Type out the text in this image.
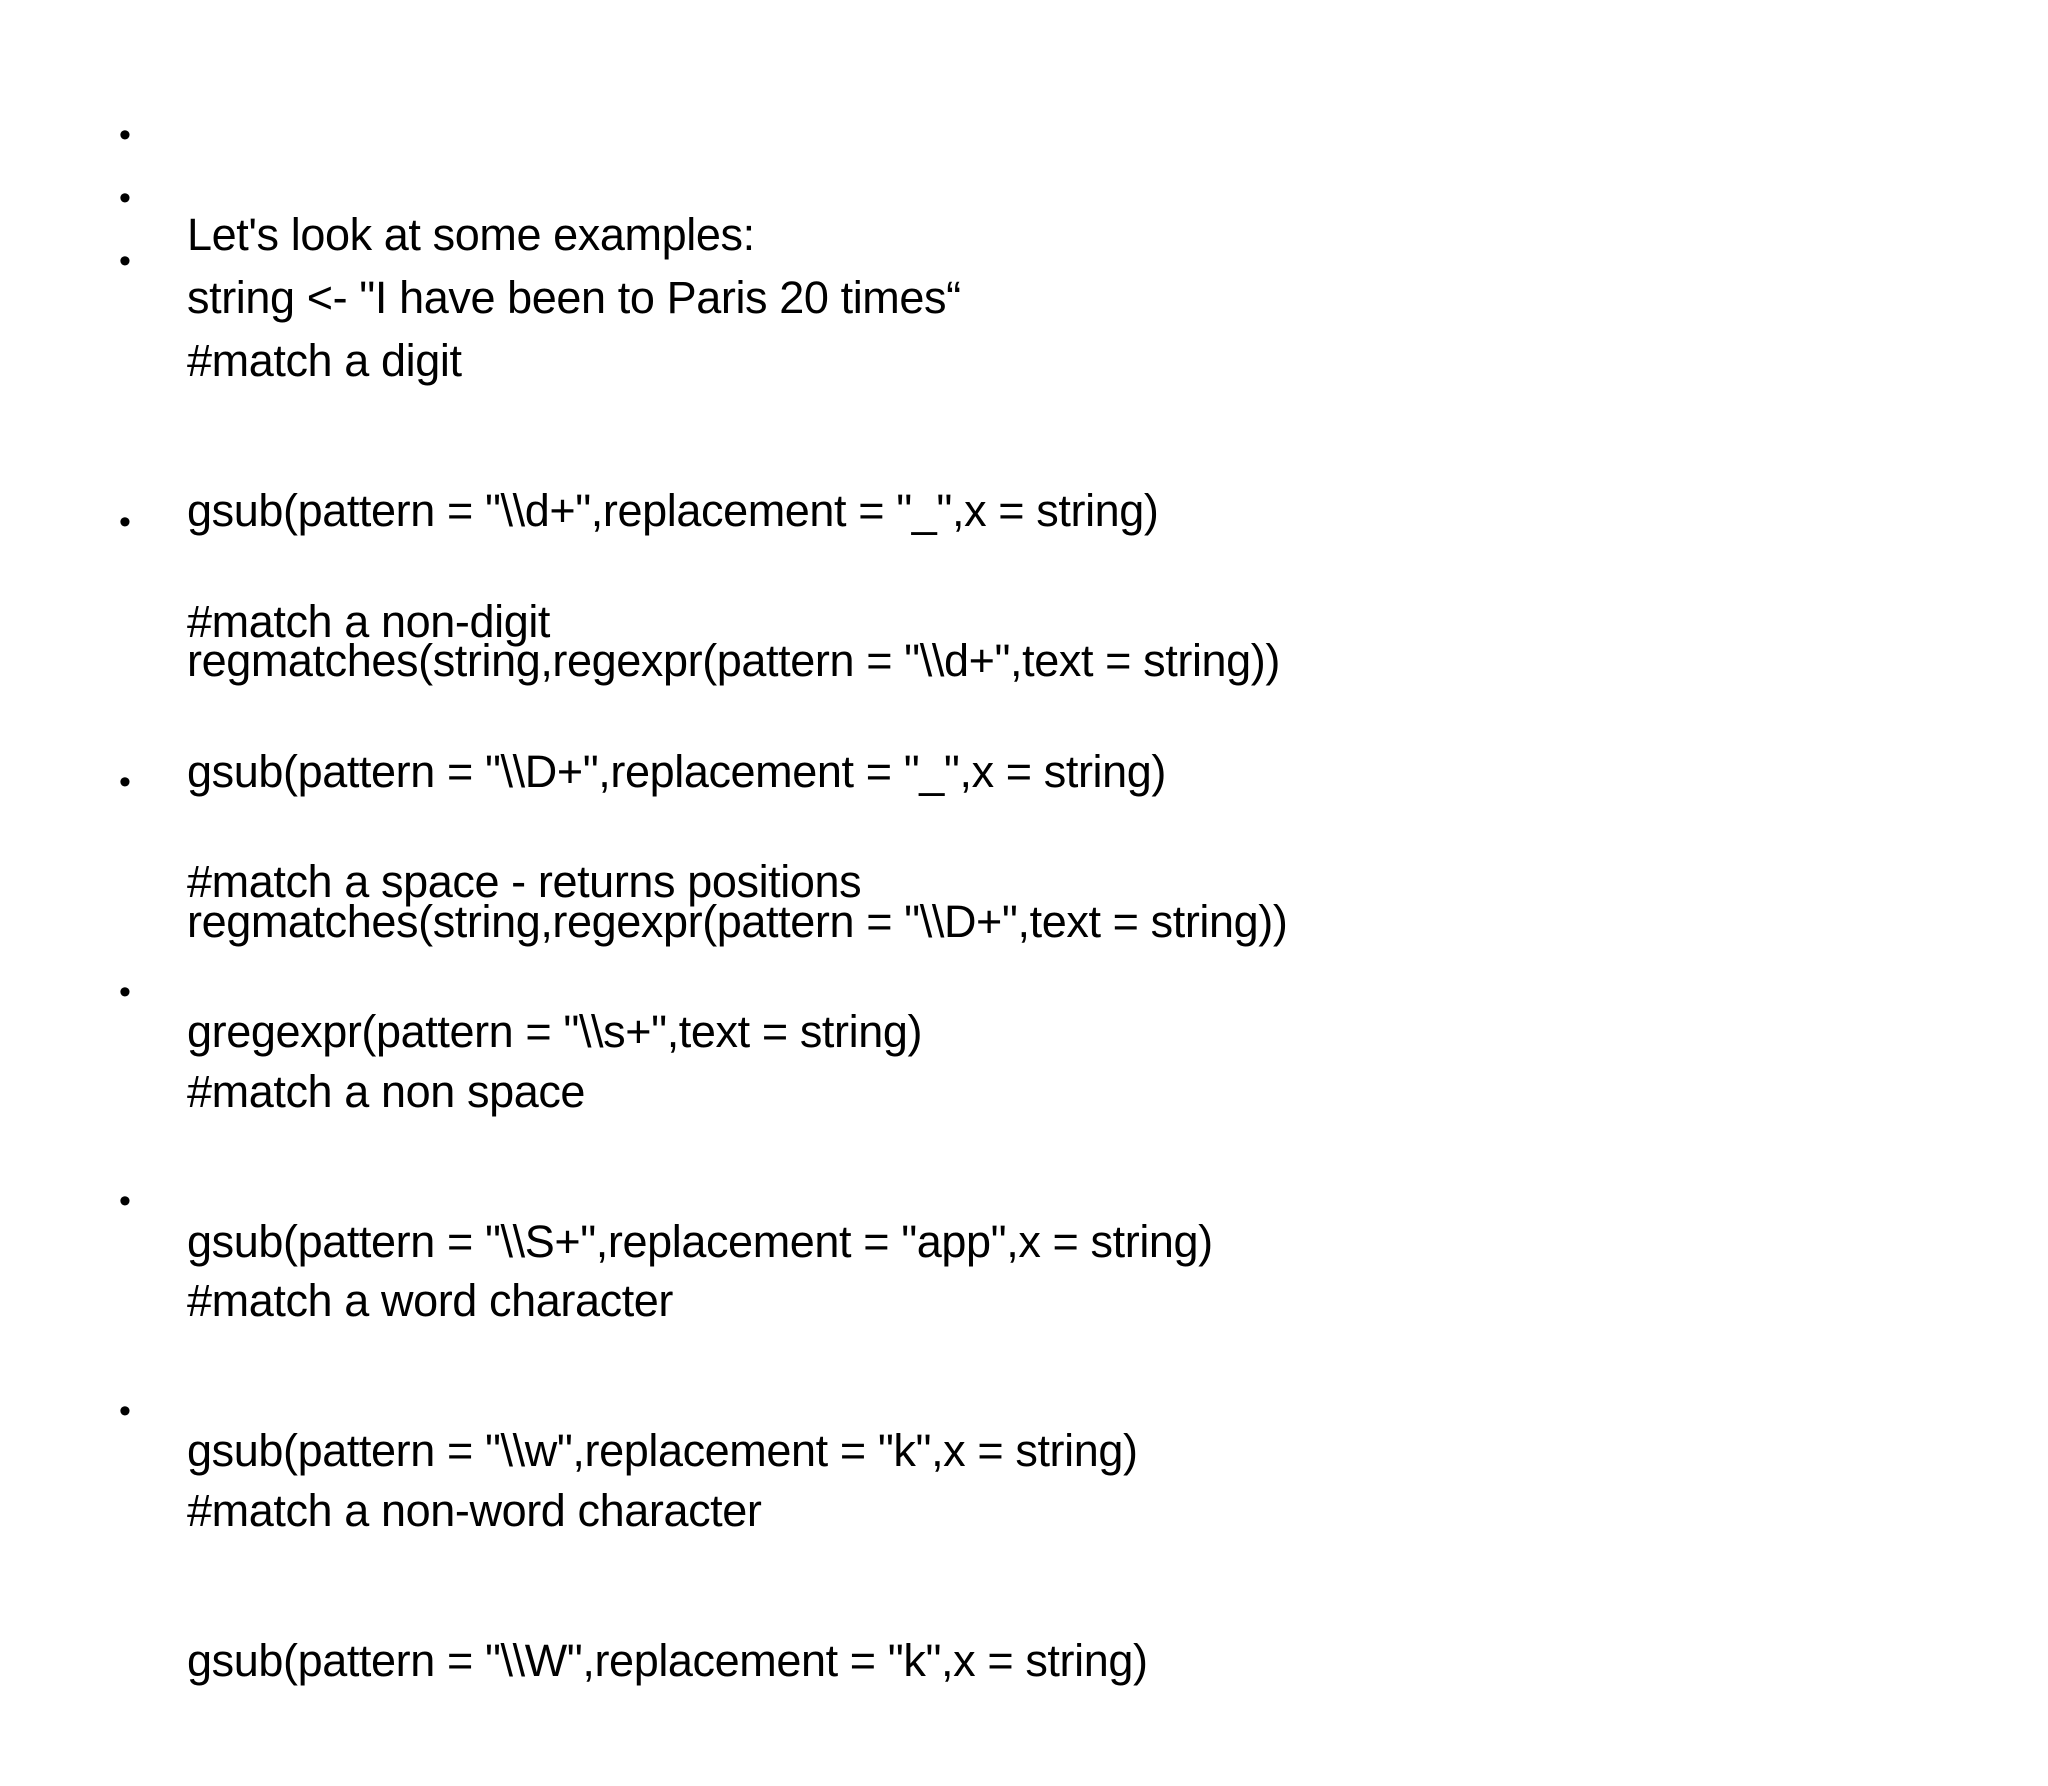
•

Let's look at some examples:

•

string <- "I have been to Paris 20 times“

•

#match a digit

gsub(pattern = "\\d+",replacement = "_",x = string)

regmatches(string,regexpr(pattern = "\\d+",text = string))

•

#match a non-digit

gsub(pattern = "\\D+",replacement = "_",x = string)

regmatches(string,regexpr(pattern = "\\D+",text = string))

•

#match a space - returns positions

gregexpr(pattern = "\\s+",text = string)

•

#match a non space

gsub(pattern = "\\S+",replacement = "app",x = string)

•

#match a word character

gsub(pattern = "\\w",replacement = "k",x = string)

•

#match a non-word character

gsub(pattern = "\\W",replacement = "k",x = string)
